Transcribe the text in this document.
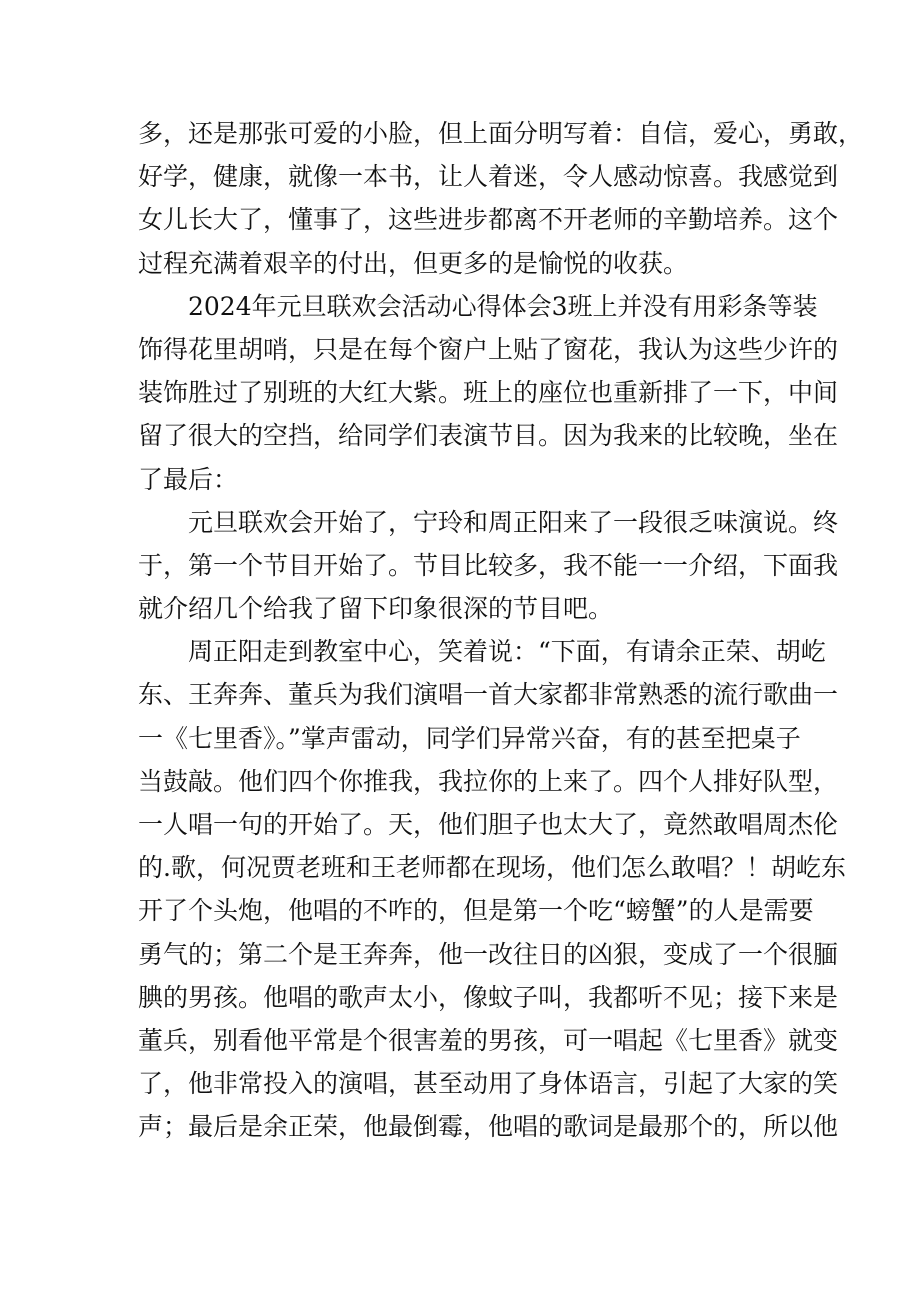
多，还是那张可爱的小脸，但上面分明写着：自信，爱心，勇敢，
好学，健康，就像一本书，让人着迷，令人感动惊喜。我感觉到
女儿长大了，懂事了，这些进步都离不开老师的辛勤培养。这个
过程充满着艰辛的付出，但更多的是愉悦的收获。
2024年元旦联欢会活动心得体会3班上并没有用彩条等装
饰得花里胡哨，只是在每个窗户上贴了窗花，我认为这些少许的
装饰胜过了别班的大红大紫。班上的座位也重新排了一下，中间
留了很大的空挡，给同学们表演节目。因为我来的比较晚，坐在
了最后：
元旦联欢会开始了，宁玲和周正阳来了一段很乏味演说。终
于，第一个节目开始了。节目比较多，我不能一一介绍，下面我
就介绍几个给我了留下印象很深的节目吧。
周正阳走到教室中心，笑着说：“下面，有请余正荣、胡屹
东、王奔奔、董兵为我们演唱一首大家都非常熟悉的流行歌曲一
一《七里香》。”掌声雷动，同学们异常兴奋，有的甚至把桌子
当鼓敲。他们四个你推我，我拉你的上来了。四个人排好队型，
一人唱一句的开始了。天，他们胆子也太大了，竟然敢唱周杰伦
的.歌，何况贾老班和王老师都在现场，他们怎么敢唱？！胡屹东
开了个头炮，他唱的不咋的，但是第一个吃“螃蟹”的人是需要
勇气的；第二个是王奔奔，他一改往日的凶狠，变成了一个很腼
腆的男孩。他唱的歌声太小，像蚊子叫，我都听不见；接下来是
董兵，别看他平常是个很害羞的男孩，可一唱起《七里香》就变
了，他非常投入的演唱，甚至动用了身体语言，引起了大家的笑
声；最后是余正荣，他最倒霉，他唱的歌词是最那个的，所以他
